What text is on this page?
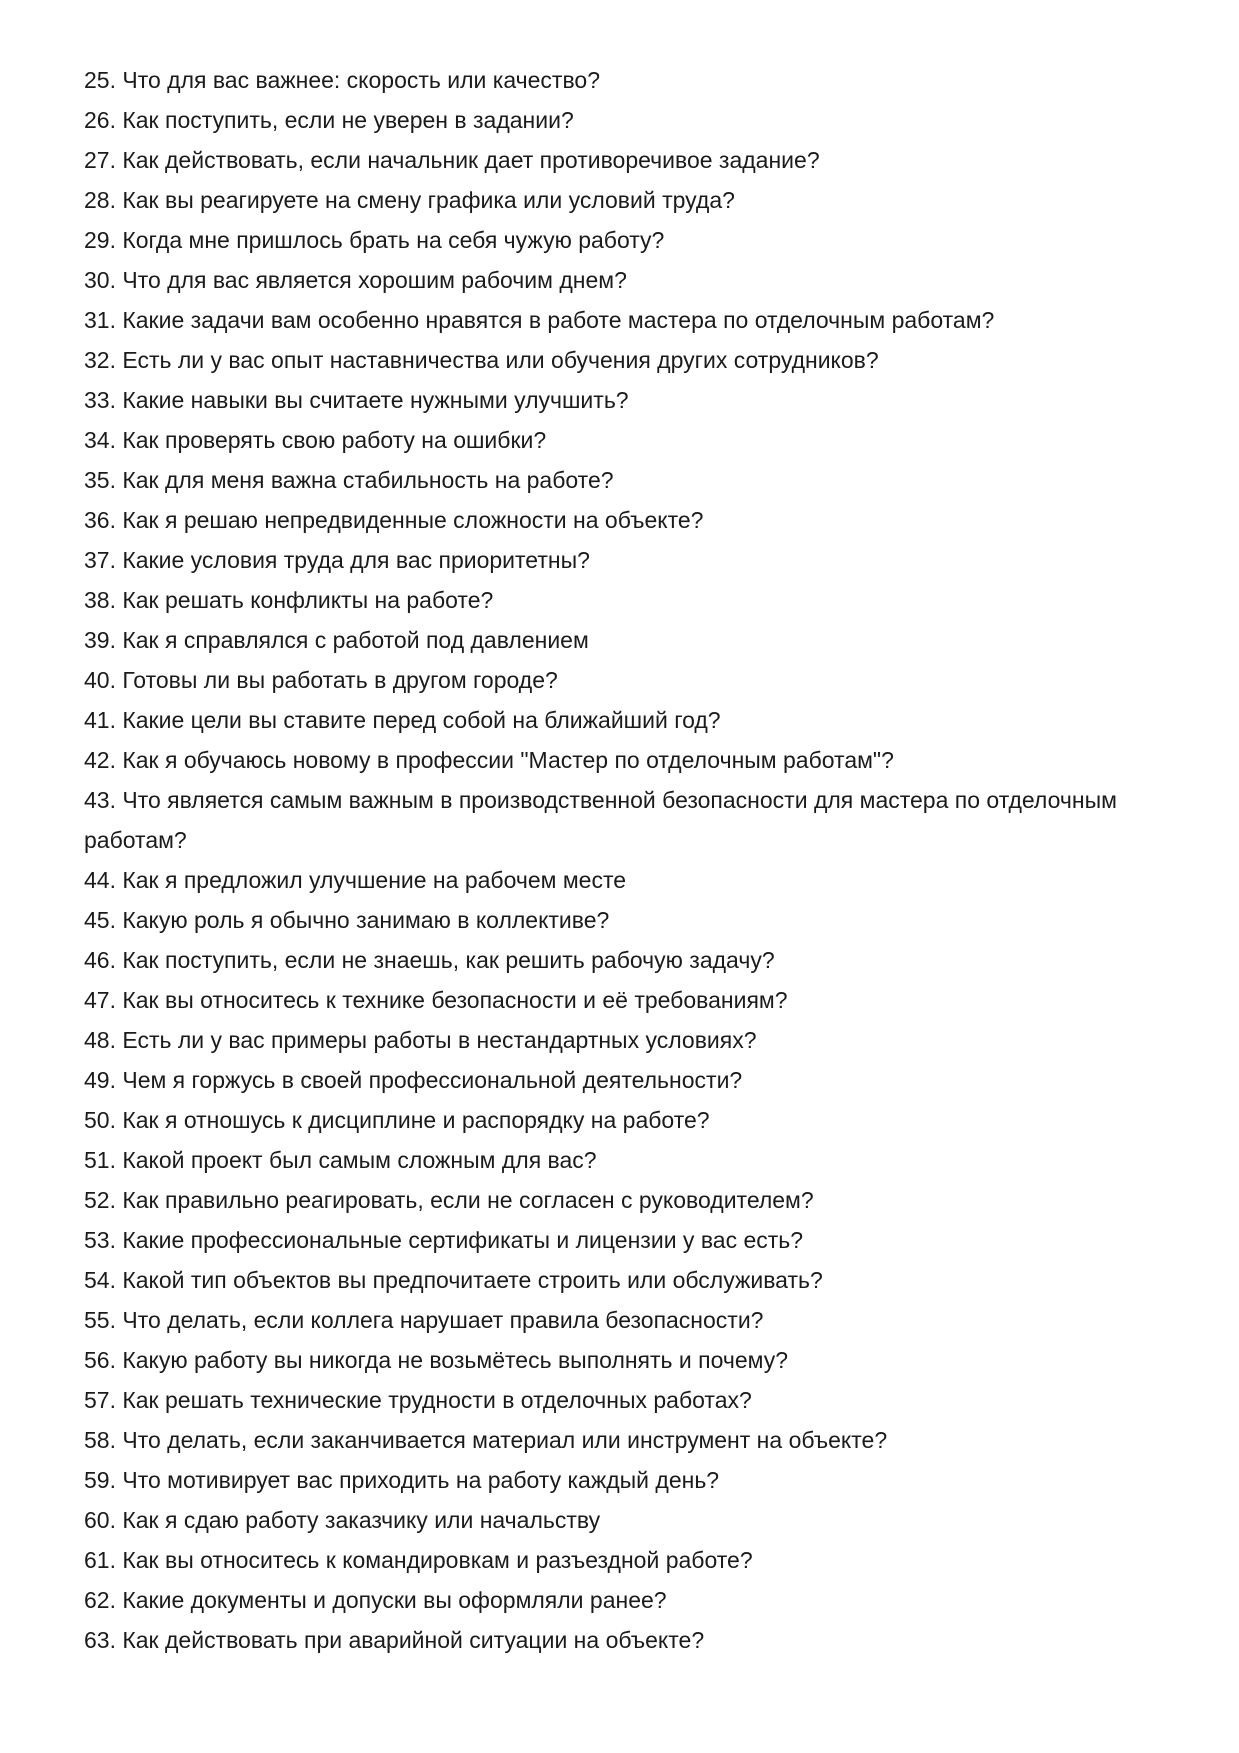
25. Что для вас важнее: скорость или качество?
26. Как поступить, если не уверен в задании?
27. Как действовать, если начальник дает противоречивое задание?
28. Как вы реагируете на смену графика или условий труда?
29. Когда мне пришлось брать на себя чужую работу?
30. Что для вас является хорошим рабочим днем?
31. Какие задачи вам особенно нравятся в работе мастера по отделочным работам?
32. Есть ли у вас опыт наставничества или обучения других сотрудников?
33. Какие навыки вы считаете нужными улучшить?
34. Как проверять свою работу на ошибки?
35. Как для меня важна стабильность на работе?
36. Как я решаю непредвиденные сложности на объекте?
37. Какие условия труда для вас приоритетны?
38. Как решать конфликты на работе?
39. Как я справлялся с работой под давлением
40. Готовы ли вы работать в другом городе?
41. Какие цели вы ставите перед собой на ближайший год?
42. Как я обучаюсь новому в профессии "Мастер по отделочным работам"?
43. Что является самым важным в производственной безопасности для мастера по отделочным работам?
44. Как я предложил улучшение на рабочем месте
45. Какую роль я обычно занимаю в коллективе?
46. Как поступить, если не знаешь, как решить рабочую задачу?
47. Как вы относитесь к технике безопасности и её требованиям?
48. Есть ли у вас примеры работы в нестандартных условиях?
49. Чем я горжусь в своей профессиональной деятельности?
50. Как я отношусь к дисциплине и распорядку на работе?
51. Какой проект был самым сложным для вас?
52. Как правильно реагировать, если не согласен с руководителем?
53. Какие профессиональные сертификаты и лицензии у вас есть?
54. Какой тип объектов вы предпочитаете строить или обслуживать?
55. Что делать, если коллега нарушает правила безопасности?
56. Какую работу вы никогда не возьмётесь выполнять и почему?
57. Как решать технические трудности в отделочных работах?
58. Что делать, если заканчивается материал или инструмент на объекте?
59. Что мотивирует вас приходить на работу каждый день?
60. Как я сдаю работу заказчику или начальству
61. Как вы относитесь к командировкам и разъездной работе?
62. Какие документы и допуски вы оформляли ранее?
63. Как действовать при аварийной ситуации на объекте?
